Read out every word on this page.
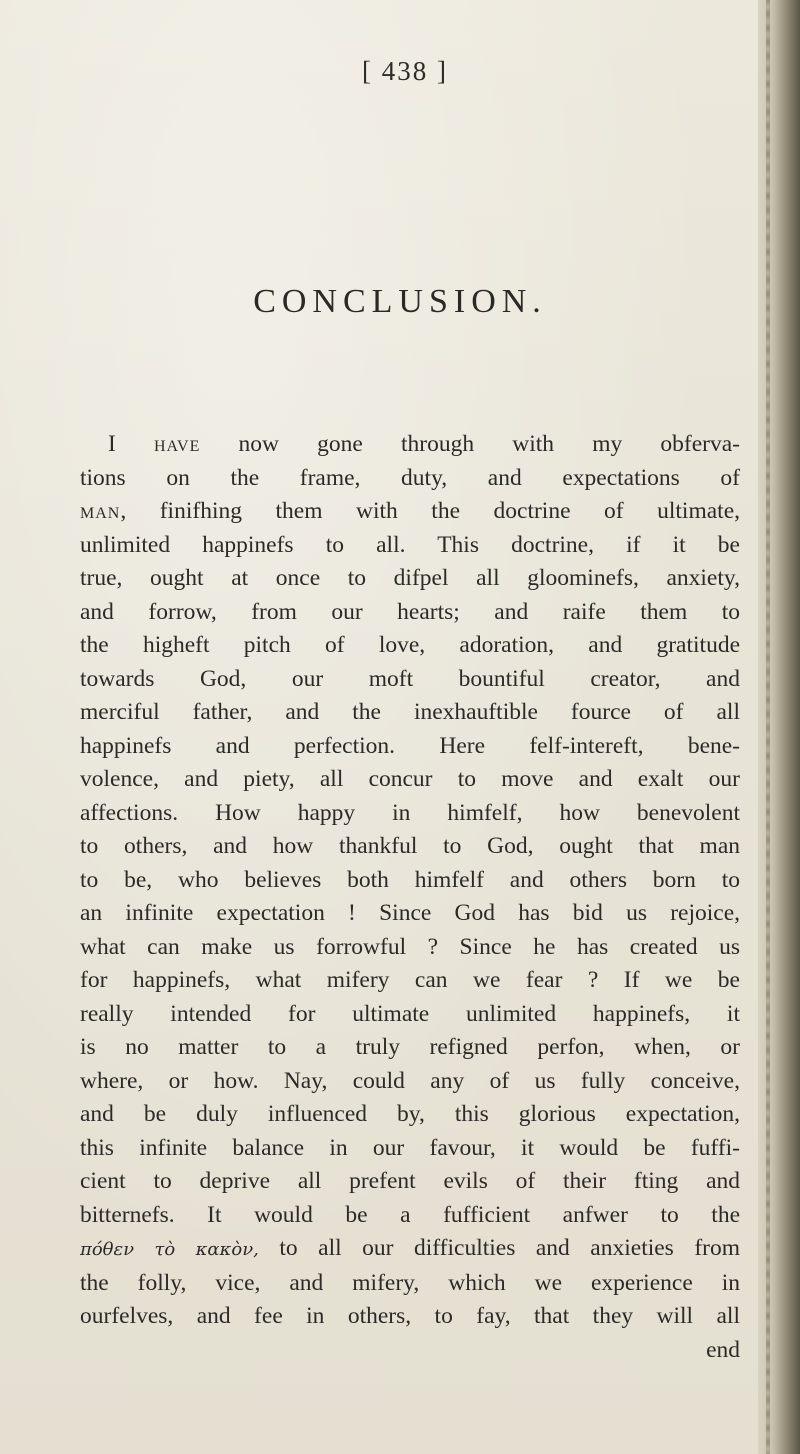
[ 438 ]
CONCLUSION.
I have now gone through with my obferva-
tions on the frame, duty, and expectations of
man, finifhing them with the doctrine of ultimate,
unlimited happinefs to all. This doctrine, if it be
true, ought at once to difpel all gloominefs, anxiety,
and forrow, from our hearts; and raife them to
the higheft pitch of love, adoration, and gratitude
towards God, our moft bountiful creator, and
merciful father, and the inexhauftible fource of all
happinefs and perfection. Here felf-intereft, bene-
volence, and piety, all concur to move and exalt our
affections. How happy in himfelf, how benevolent
to others, and how thankful to God, ought that man
to be, who believes both himfelf and others born to
an infinite expectation ! Since God has bid us rejoice,
what can make us forrowful ? Since he has created us
for happinefs, what mifery can we fear ? If we be
really intended for ultimate unlimited happinefs, it
is no matter to a truly refigned perfon, when, or
where, or how. Nay, could any of us fully conceive,
and be duly influenced by, this glorious expectation,
this infinite balance in our favour, it would be fuffi-
cient to deprive all prefent evils of their fting and
bitternefs. It would be a fufficient anfwer to the
πόθεν τὸ κακὸν, to all our difficulties and anxieties from
the folly, vice, and mifery, which we experience in
ourfelves, and fee in others, to fay, that they will all
end
